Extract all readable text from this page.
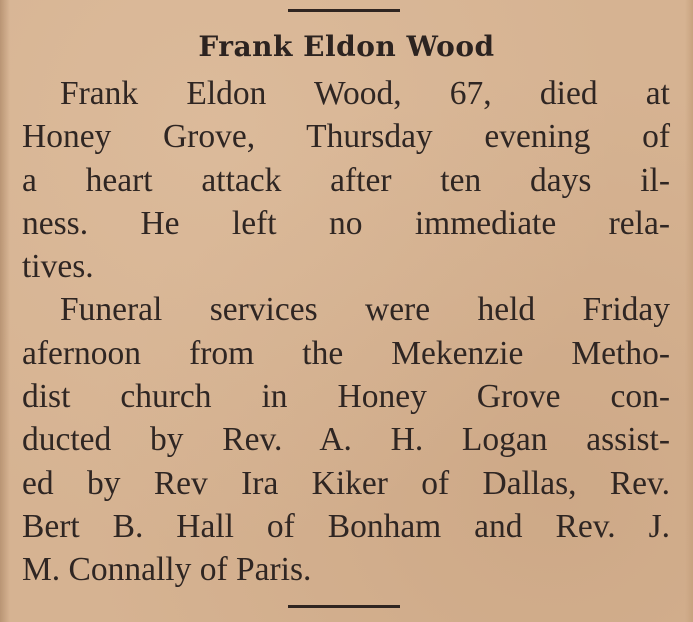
Frank Eldon Wood
Frank Eldon Wood, 67, died at
Honey Grove, Thursday evening of
a heart attack after ten days il-
ness. He left no immediate rela-
tives.
Funeral services were held Friday
afernoon from the Mekenzie Metho-
dist church in Honey Grove con-
ducted by Rev. A. H. Logan assist-
ed by Rev Ira Kiker of Dallas, Rev.
Bert B. Hall of Bonham and Rev. J.
M. Connally of Paris.
